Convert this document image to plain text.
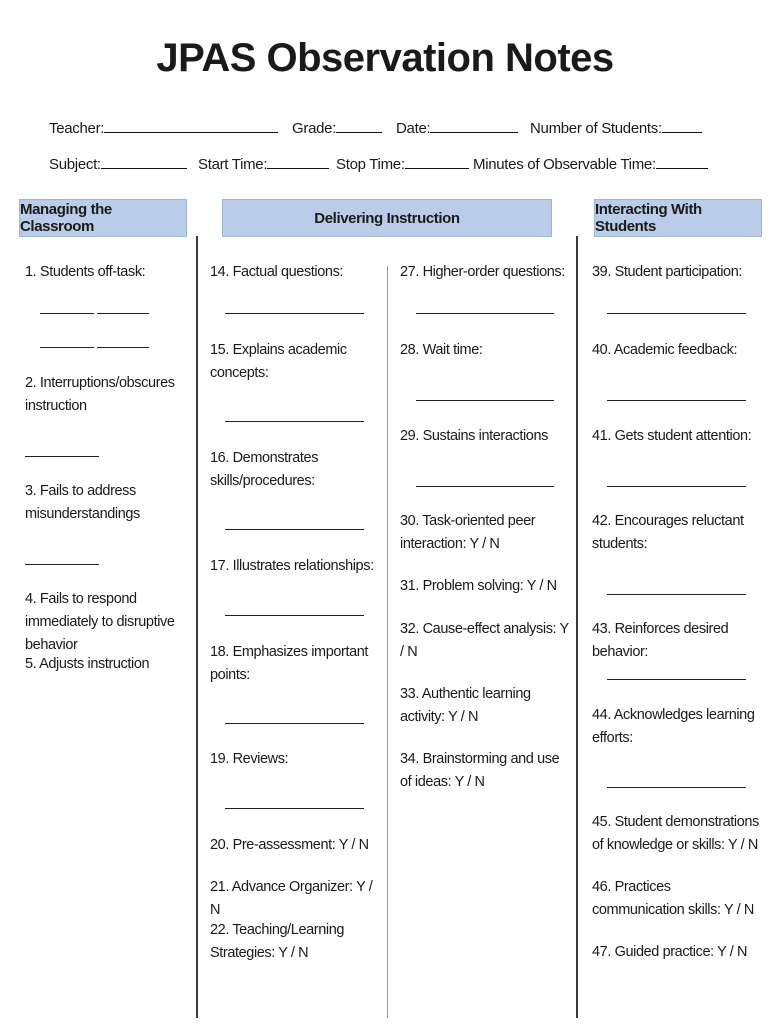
JPAS Observation Notes
Teacher:	Grade:	Date:	Number of Students:
Subject:	Start Time:	Stop Time:	Minutes of Observable Time:
Managing the Classroom	Delivering Instruction	Interacting With Students
1. Students off-task:
2. Interruptions/obscures instruction
3. Fails to address misunderstandings
4. Fails to respond immediately to disruptive behavior
5. Adjusts instruction
14. Factual questions:
15. Explains academic concepts:
16. Demonstrates skills/procedures:
17. Illustrates relationships:
18. Emphasizes important points:
19. Reviews:
20. Pre-assessment: Y / N
21. Advance Organizer: Y / N
22. Teaching/Learning Strategies: Y / N
27. Higher-order questions:
28. Wait time:
29. Sustains interactions
30. Task-oriented peer interaction: Y / N
31. Problem solving: Y / N
32. Cause-effect analysis: Y / N
33. Authentic learning activity: Y / N
34. Brainstorming and use of ideas: Y / N
39. Student participation:
40. Academic feedback:
41. Gets student attention:
42. Encourages reluctant students:
43. Reinforces desired behavior:
44. Acknowledges learning efforts:
45. Student demonstrations of knowledge or skills: Y / N
46. Practices communication skills: Y / N
47. Guided practice: Y / N
